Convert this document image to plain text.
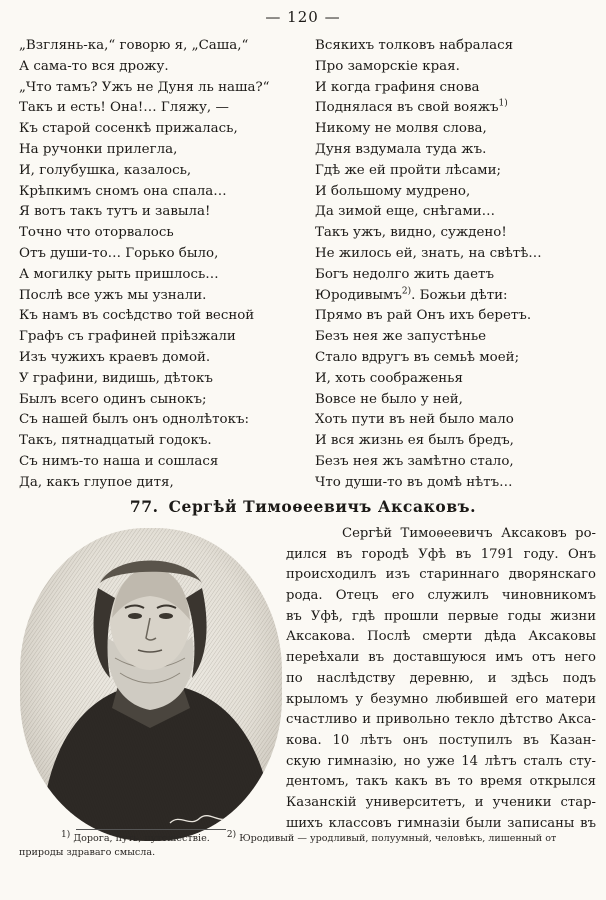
— 120 —
„Взглянь-ка,“ говорю я, „Саша,“
А сама-то вся дрожу.
„Что тамъ? Ужъ не Дуня ль наша?“
Такъ и есть! Она!… Гляжу, —
Къ старой сосенкѣ прижалась,
На ручонки прилегла,
И, голубушка, казалось,
Крѣпкимъ сномъ она спала…
Я вотъ такъ тутъ и завыла!
Точно что оторвалось
Отъ души-то… Горько было,
А могилку рыть пришлось…
Послѣ все ужъ мы узнали.
Къ намъ въ сосѣдство той весной
Графъ съ графиней пріѣзжали
Изъ чужихъ краевъ домой.
У графини, видишь, дѣтокъ
Былъ всего одинъ сынокъ;
Съ нашей былъ онъ однолѣтокъ:
Такъ, пятнадцатый годокъ.
Съ нимъ-то наша и сошлася
Да, какъ глупое дитя,
Всякихъ толковъ набралася
Про заморскіе края.
И когда графиня снова
Поднялася въ свой вояжъ$^{1)}$
Никому не молвя слова,
Дуня вздумала туда жъ.
Гдѣ же ей пройти лѣсами;
И большому мудрено,
Да зимой еще, снѣгами…
Такъ ужъ, видно, суждено!
Не жилось ей, знать, на свѣтѣ…
Богъ недолго жить даетъ
Юродивымъ$^{2)}$. Божьи дѣти:
Прямо въ рай Онъ ихъ беретъ.
Безъ нея же запустѣнье
Стало вдругъ въ семьѣ моей;
И, хоть соображенья
Вовсе не было у ней,
Хоть пути въ ней было мало
И вся жизнь ея былъ бредъ,
Безъ нея жъ замѣтно стало,
Что души-то въ домѣ нѣтъ…
77. Сергѣй Тимоѳеевичъ Аксаковъ.
Сергѣй Тимоѳеевичъ Аксаковъ ро-
дился въ городѣ Уфѣ въ 1791 году. Онъ
происходилъ изъ стариннаго дворянскаго
рода. Отецъ его служилъ чиновникомъ
въ Уфѣ, гдѣ прошли первые годы жизни
Аксакова. Послѣ смерти дѣда Аксаковы
переѣхали въ доставшуюся имъ отъ него
по наслѣдству деревню, и здѣсь подъ
крыломъ у безумно любившей его матери
счастливо и привольно текло дѣтство Акса-
кова. 10 лѣтъ онъ поступилъ въ Казан-
скую гимназію, но уже 14 лѣтъ сталъ сту-
дентомъ, такъ какъ въ то время открылся
Казанскій университетъ, и ученики стар-
шихъ классовъ гимназіи были записаны въ
1) Дорога, путь, путешествіе. 2) Юродивый — уродливый, полуумный, человѣкъ, лишенный от
природы здраваго смысла.
